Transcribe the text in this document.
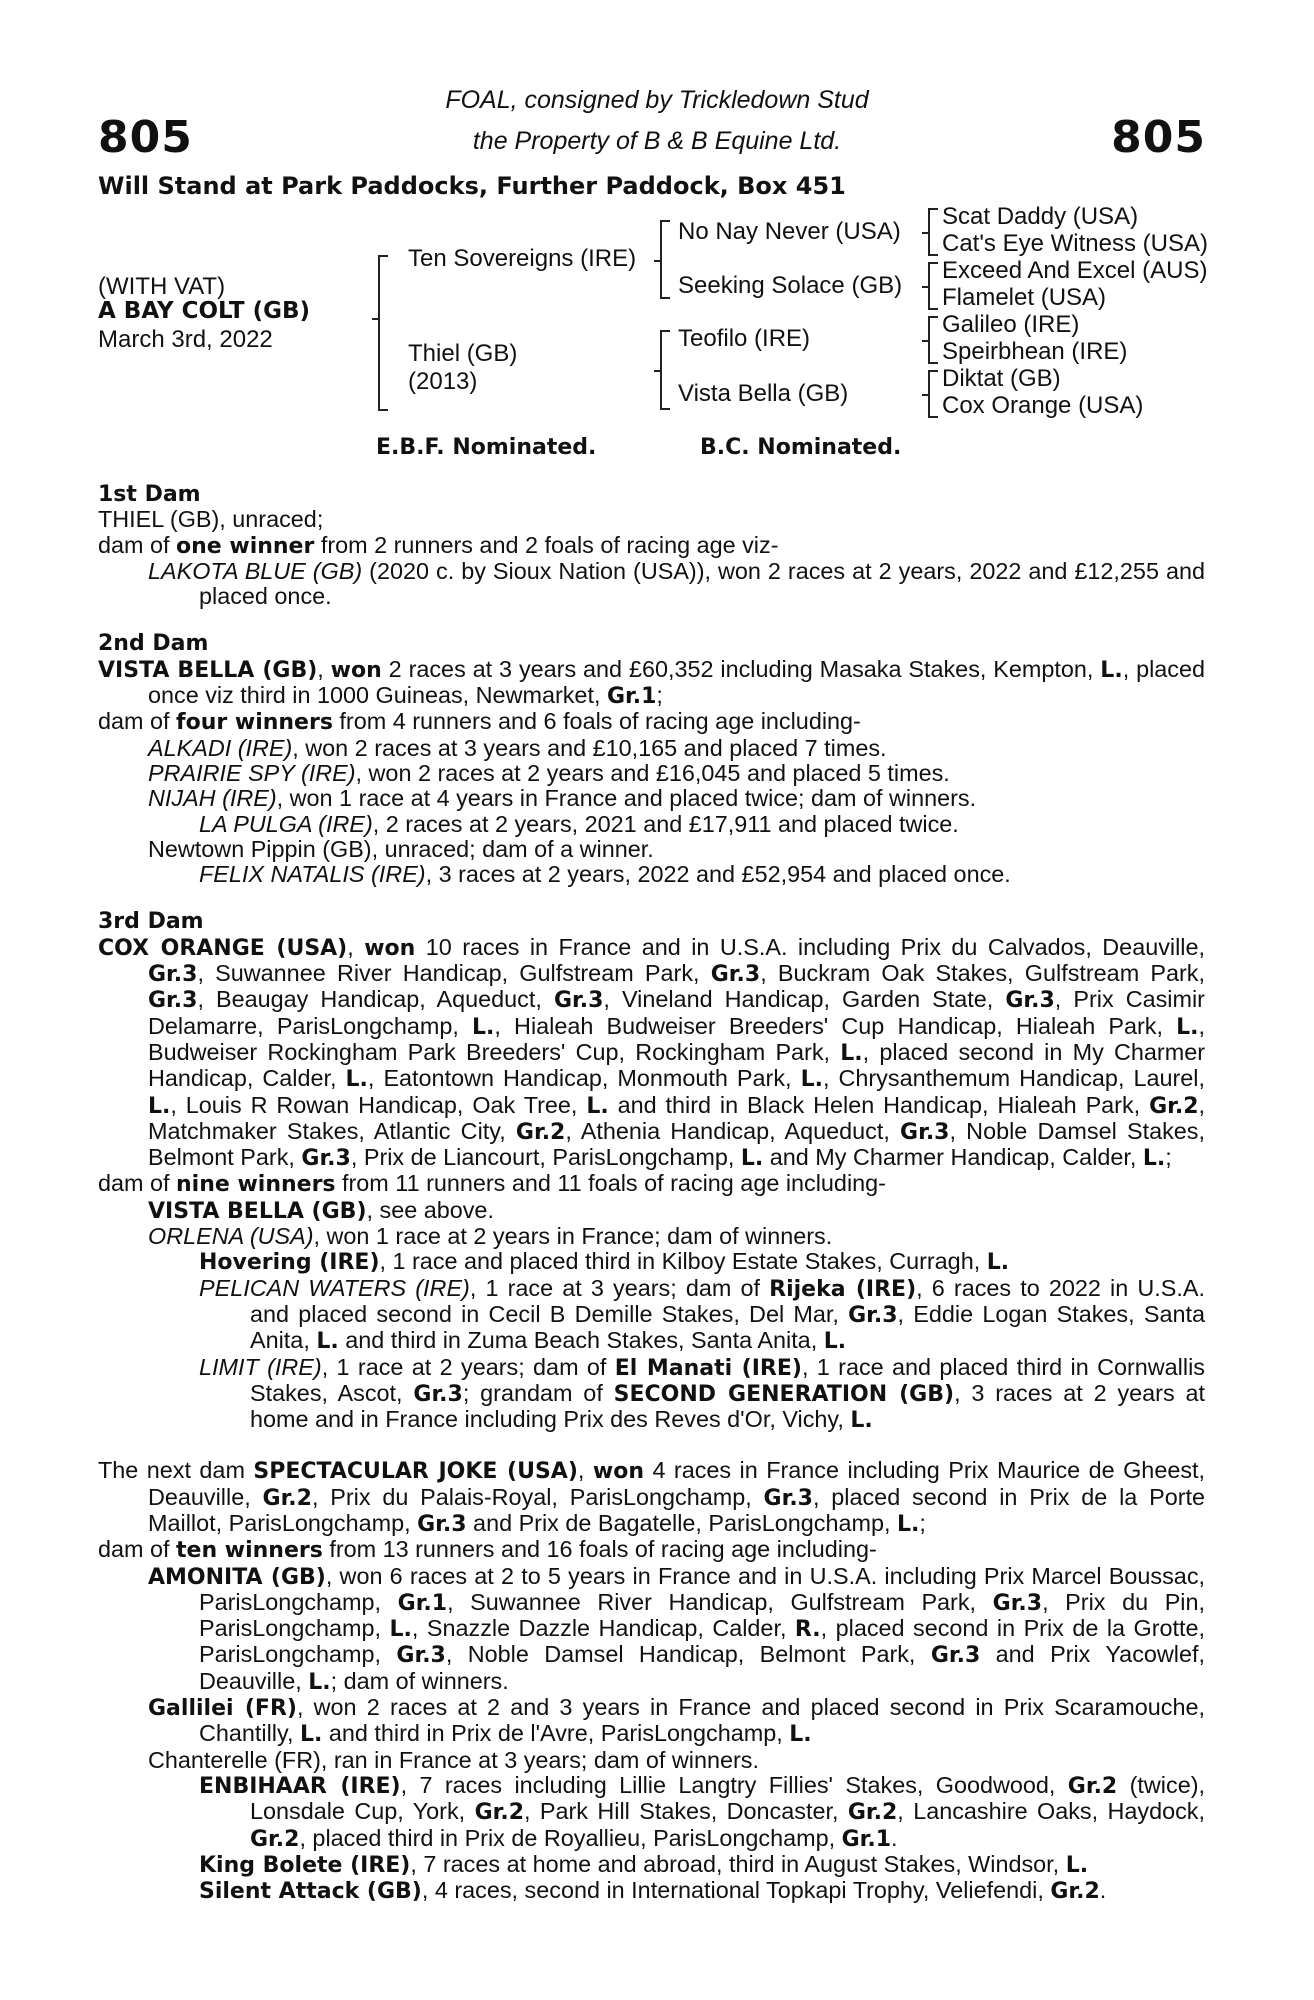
805	805
FOAL, consigned by Trickledown Stud
the Property of B & B Equine Ltd.
Will Stand at Park Paddocks, Further Paddock, Box 451
(WITH VAT)
A BAY COLT (GB)
March 3rd, 2022
Ten Sovereigns (IRE)
Thiel (GB)
(2013)
No Nay Never (USA)
Seeking Solace (GB)
Teofilo (IRE)
Vista Bella (GB)
Scat Daddy (USA)
Cat's Eye Witness (USA)
Exceed And Excel (AUS)
Flamelet (USA)
Galileo (IRE)
Speirbhean (IRE)
Diktat (GB)
Cox Orange (USA)
E.B.F. Nominated.	B.C. Nominated.

1st Dam

THIEL (GB), unraced;

dam of one winner from 2 runners and 2 foals of racing age viz-

LAKOTA BLUE (GB) (2020 c. by Sioux Nation (USA)), won 2 races at 2 years, 2022 and £12,255 and placed once.

2nd Dam

VISTA BELLA (GB), won 2 races at 3 years and £60,352 including Masaka Stakes, Kempton, L., placed once viz third in 1000 Guineas, Newmarket, Gr.1;

dam of four winners from 4 runners and 6 foals of racing age including-

ALKADI (IRE), won 2 races at 3 years and £10,165 and placed 7 times.

PRAIRIE SPY (IRE), won 2 races at 2 years and £16,045 and placed 5 times.

NIJAH (IRE), won 1 race at 4 years in France and placed twice; dam of winners.

LA PULGA (IRE), 2 races at 2 years, 2021 and £17,911 and placed twice.

Newtown Pippin (GB), unraced; dam of a winner.

FELIX NATALIS (IRE), 3 races at 2 years, 2022 and £52,954 and placed once.

3rd Dam

COX ORANGE (USA), won 10 races in France and in U.S.A. including Prix du Calvados, Deauville, Gr.3, Suwannee River Handicap, Gulfstream Park, Gr.3, Buckram Oak Stakes, Gulfstream Park, Gr.3, Beaugay Handicap, Aqueduct, Gr.3, Vineland Handicap, Garden State, Gr.3, Prix Casimir Delamarre, ParisLongchamp, L., Hialeah Budweiser Breeders' Cup Handicap, Hialeah Park, L., Budweiser Rockingham Park Breeders' Cup, Rockingham Park, L., placed second in My Charmer Handicap, Calder, L., Eatontown Handicap, Monmouth Park, L., Chrysanthemum Handicap, Laurel, L., Louis R Rowan Handicap, Oak Tree, L. and third in Black Helen Handicap, Hialeah Park, Gr.2, Matchmaker Stakes, Atlantic City, Gr.2, Athenia Handicap, Aqueduct, Gr.3, Noble Damsel Stakes, Belmont Park, Gr.3, Prix de Liancourt, ParisLongchamp, L. and My Charmer Handicap, Calder, L.;

dam of nine winners from 11 runners and 11 foals of racing age including-

VISTA BELLA (GB), see above.

ORLENA (USA), won 1 race at 2 years in France; dam of winners.

Hovering (IRE), 1 race and placed third in Kilboy Estate Stakes, Curragh, L.

PELICAN WATERS (IRE), 1 race at 3 years; dam of Rijeka (IRE), 6 races to 2022 in U.S.A. and placed second in Cecil B Demille Stakes, Del Mar, Gr.3, Eddie Logan Stakes, Santa Anita, L. and third in Zuma Beach Stakes, Santa Anita, L.

LIMIT (IRE), 1 race at 2 years; dam of El Manati (IRE), 1 race and placed third in Cornwallis Stakes, Ascot, Gr.3; grandam of SECOND GENERATION (GB), 3 races at 2 years at home and in France including Prix des Reves d'Or, Vichy, L.

The next dam SPECTACULAR JOKE (USA), won 4 races in France including Prix Maurice de Gheest, Deauville, Gr.2, Prix du Palais-Royal, ParisLongchamp, Gr.3, placed second in Prix de la Porte Maillot, ParisLongchamp, Gr.3 and Prix de Bagatelle, ParisLongchamp, L.;

dam of ten winners from 13 runners and 16 foals of racing age including-

AMONITA (GB), won 6 races at 2 to 5 years in France and in U.S.A. including Prix Marcel Boussac, ParisLongchamp, Gr.1, Suwannee River Handicap, Gulfstream Park, Gr.3, Prix du Pin, ParisLongchamp, L., Snazzle Dazzle Handicap, Calder, R., placed second in Prix de la Grotte, ParisLongchamp, Gr.3, Noble Damsel Handicap, Belmont Park, Gr.3 and Prix Yacowlef, Deauville, L.; dam of winners.

Gallilei (FR), won 2 races at 2 and 3 years in France and placed second in Prix Scaramouche, Chantilly, L. and third in Prix de l'Avre, ParisLongchamp, L.

Chanterelle (FR), ran in France at 3 years; dam of winners.

ENBIHAAR (IRE), 7 races including Lillie Langtry Fillies' Stakes, Goodwood, Gr.2 (twice), Lonsdale Cup, York, Gr.2, Park Hill Stakes, Doncaster, Gr.2, Lancashire Oaks, Haydock, Gr.2, placed third in Prix de Royallieu, ParisLongchamp, Gr.1.

King Bolete (IRE), 7 races at home and abroad, third in August Stakes, Windsor, L.

Silent Attack (GB), 4 races, second in International Topkapi Trophy, Veliefendi, Gr.2.
